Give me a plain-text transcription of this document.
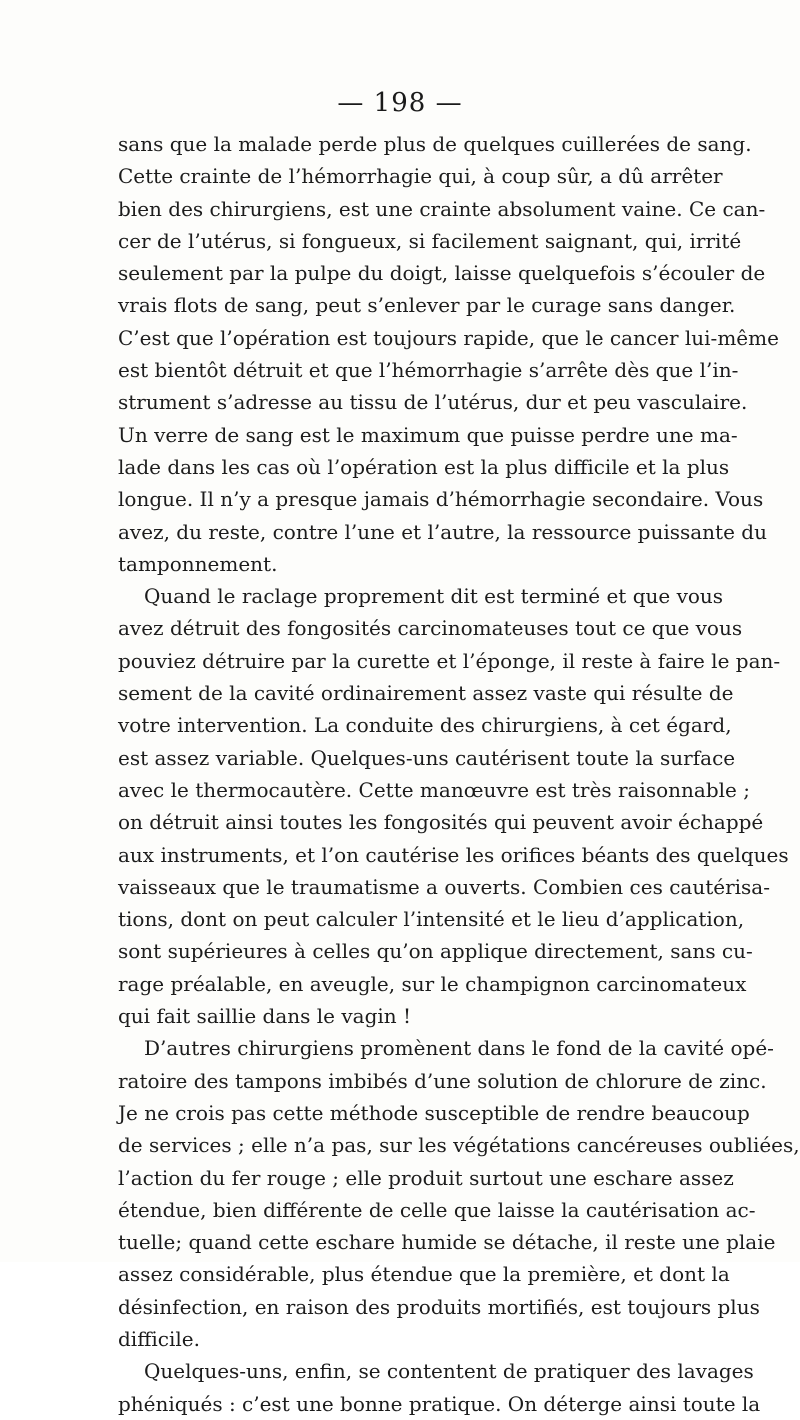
— 198 —
sans que la malade perde plus de quelques cuillerées de sang.
Cette crainte de l’hémorrhagie qui, à coup sûr, a dû arrêter
bien des chirurgiens, est une crainte absolument vaine. Ce can-
cer de l’utérus, si fongueux, si facilement saignant, qui, irrité
seulement par la pulpe du doigt, laisse quelquefois s’écouler de
vrais flots de sang, peut s’enlever par le curage sans danger.
C’est que l’opération est toujours rapide, que le cancer lui-même
est bientôt détruit et que l’hémorrhagie s’arrête dès que l’in-
strument s’adresse au tissu de l’utérus, dur et peu vasculaire.
Un verre de sang est le maximum que puisse perdre une ma-
lade dans les cas où l’opération est la plus difficile et la plus
longue. Il n’y a presque jamais d’hémorrhagie secondaire. Vous
avez, du reste, contre l’une et l’autre, la ressource puissante du
tamponnement.
Quand le raclage proprement dit est terminé et que vous
avez détruit des fongosités carcinomateuses tout ce que vous
pouviez détruire par la curette et l’éponge, il reste à faire le pan-
sement de la cavité ordinairement assez vaste qui résulte de
votre intervention. La conduite des chirurgiens, à cet égard,
est assez variable. Quelques-uns cautérisent toute la surface
avec le thermocautère. Cette manœuvre est très raisonnable ;
on détruit ainsi toutes les fongosités qui peuvent avoir échappé
aux instruments, et l’on cautérise les orifices béants des quelques
vaisseaux que le traumatisme a ouverts. Combien ces cautérisa-
tions, dont on peut calculer l’intensité et le lieu d’application,
sont supérieures à celles qu’on applique directement, sans cu-
rage préalable, en aveugle, sur le champignon carcinomateux
qui fait saillie dans le vagin !
D’autres chirurgiens promènent dans le fond de la cavité opé-
ratoire des tampons imbibés d’une solution de chlorure de zinc.
Je ne crois pas cette méthode susceptible de rendre beaucoup
de services ; elle n’a pas, sur les végétations cancéreuses oubliées,
l’action du fer rouge ; elle produit surtout une eschare assez
étendue, bien différente de celle que laisse la cautérisation ac-
tuelle; quand cette eschare humide se détache, il reste une plaie
assez considérable, plus étendue que la première, et dont la
désinfection, en raison des produits mortifiés, est toujours plus
difficile.
Quelques-uns, enfin, se contentent de pratiquer des lavages
phéniqués : c’est une bonne pratique. On déterge ainsi toute la
